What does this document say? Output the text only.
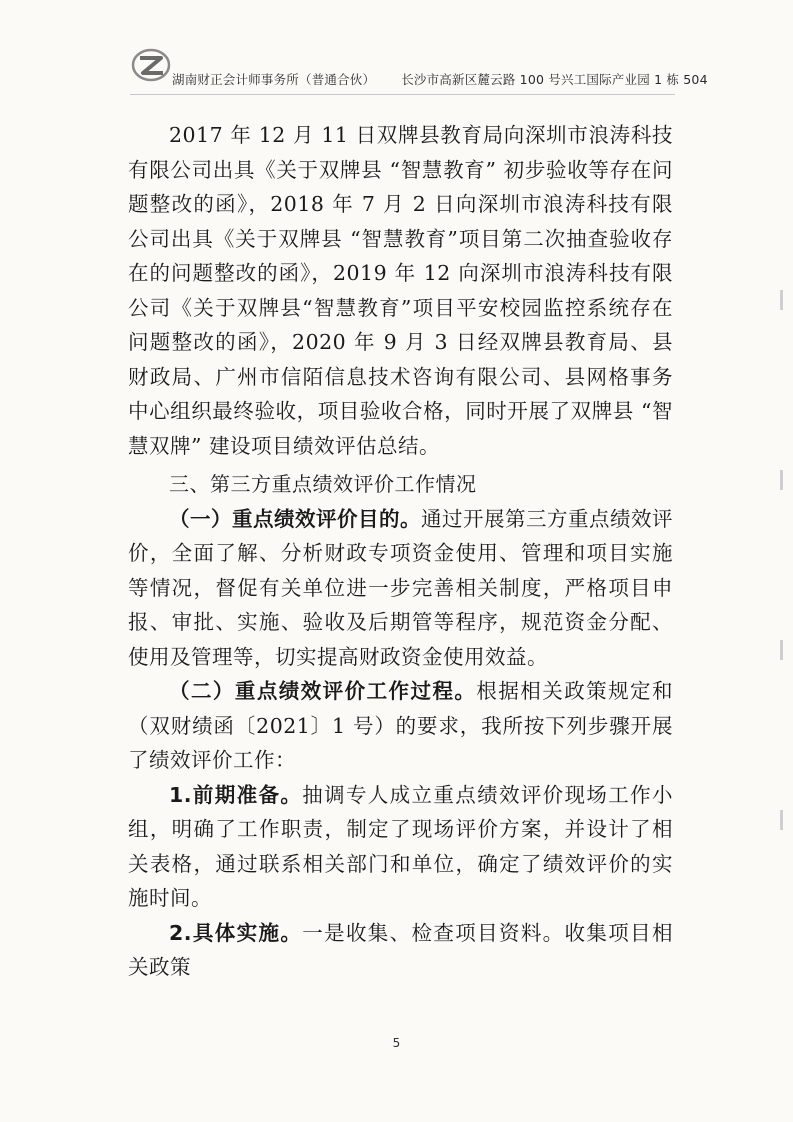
湖南财正会计师事务所（普通合伙） 长沙市高新区麓云路 100 号兴工国际产业园 1 栋 504

2017 年 12 月 11 日双牌县教育局向深圳市浪涛科技有限公司出具《关于双牌县 “智慧教育” 初步验收等存在问题整改的函》，2018 年 7 月 2 日向深圳市浪涛科技有限公司出具《关于双牌县 “智慧教育”项目第二次抽查验收存在的问题整改的函》，2019 年 12 向深圳市浪涛科技有限公司《关于双牌县“智慧教育”项目平安校园监控系统存在问题整改的函》，2020 年 9 月 3 日经双牌县教育局、县财政局、广州市信陌信息技术咨询有限公司、县网格事务中心组织最终验收，项目验收合格，同时开展了双牌县 “智慧双牌” 建设项目绩效评估总结。

三、第三方重点绩效评价工作情况

（一）重点绩效评价目的。通过开展第三方重点绩效评价，全面了解、分析财政专项资金使用、管理和项目实施等情况，督促有关单位进一步完善相关制度，严格项目申报、审批、实施、验收及后期管等程序，规范资金分配、使用及管理等，切实提高财政资金使用效益。

（二）重点绩效评价工作过程。根据相关政策规定和（双财绩函〔2021〕1 号）的要求，我所按下列步骤开展了绩效评价工作：

1.前期准备。抽调专人成立重点绩效评价现场工作小组，明确了工作职责，制定了现场评价方案，并设计了相关表格，通过联系相关部门和单位，确定了绩效评价的实施时间。

2.具体实施。一是收集、检查项目资料。收集项目相关政策

5
